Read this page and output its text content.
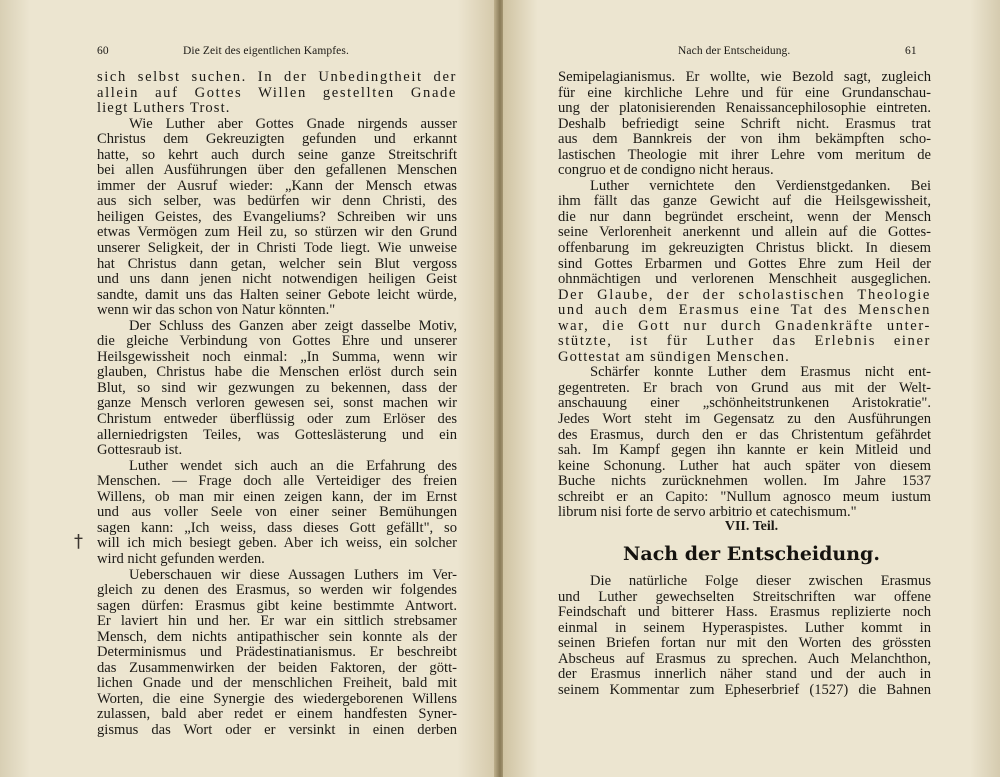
60	Die Zeit des eigentlichen Kampfes.
sich selbst suchen. In der Unbedingtheit der
allein auf Gottes Willen gestellten Gnade
liegt Luthers Trost.
Wie Luther aber Gottes Gnade nirgends ausser
Christus dem Gekreuzigten gefunden und erkannt
hatte, so kehrt auch durch seine ganze Streitschrift
bei allen Ausführungen über den gefallenen Menschen
immer der Ausruf wieder: „Kann der Mensch etwas
aus sich selber, was bedürfen wir denn Christi, des
heiligen Geistes, des Evangeliums? Schreiben wir uns
etwas Vermögen zum Heil zu, so stürzen wir den Grund
unserer Seligkeit, der in Christi Tode liegt. Wie unweise
hat Christus dann getan, welcher sein Blut vergoss
und uns dann jenen nicht notwendigen heiligen Geist
sandte, damit uns das Halten seiner Gebote leicht würde,
wenn wir das schon von Natur könnten."
Der Schluss des Ganzen aber zeigt dasselbe Motiv,
die gleiche Verbindung von Gottes Ehre und unserer
Heilsgewissheit noch einmal: „In Summa, wenn wir
glauben, Christus habe die Menschen erlöst durch sein
Blut, so sind wir gezwungen zu bekennen, dass der
ganze Mensch verloren gewesen sei, sonst machen wir
Christum entweder überflüssig oder zum Erlöser des
allerniedrigsten Teiles, was Gotteslästerung und ein
Gottesraub ist.
Luther wendet sich auch an die Erfahrung des
Menschen. — Frage doch alle Verteidiger des freien
Willens, ob man mir einen zeigen kann, der im Ernst
und aus voller Seele von einer seiner Bemühungen
sagen kann: „Ich weiss, dass dieses Gott gefällt", so
will ich mich besiegt geben. Aber ich weiss, ein solcher
wird nicht gefunden werden.
Ueberschauen wir diese Aussagen Luthers im Ver-
gleich zu denen des Erasmus, so werden wir folgendes
sagen dürfen: Erasmus gibt keine bestimmte Antwort.
Er laviert hin und her. Er war ein sittlich strebsamer
Mensch, dem nichts antipathischer sein konnte als der
Determinismus und Prädestinatianismus. Er beschreibt
das Zusammenwirken der beiden Faktoren, der gött-
lichen Gnade und der menschlichen Freiheit, bald mit
Worten, die eine Synergie des wiedergeborenen Willens
zulassen, bald aber redet er einem handfesten Syner-
gismus das Wort oder er versinkt in einen derben
†
Nach der Entscheidung.	61
Semipelagianismus. Er wollte, wie Bezold sagt, zugleich
für eine kirchliche Lehre und für eine Grundanschau-
ung der platonisierenden Renaissancephilosophie eintreten.
Deshalb befriedigt seine Schrift nicht. Erasmus trat
aus dem Bannkreis der von ihm bekämpften scho-
lastischen Theologie mit ihrer Lehre vom meritum de
congruo et de condigno nicht heraus.
Luther vernichtete den Verdienstgedanken. Bei
ihm fällt das ganze Gewicht auf die Heilsgewissheit,
die nur dann begründet erscheint, wenn der Mensch
seine Verlorenheit anerkennt und allein auf die Gottes-
offenbarung im gekreuzigten Christus blickt. In diesem
sind Gottes Erbarmen und Gottes Ehre zum Heil der
ohnmächtigen und verlorenen Menschheit ausgeglichen.
Der Glaube, der der scholastischen Theologie
und auch dem Erasmus eine Tat des Menschen
war, die Gott nur durch Gnadenkräfte unter-
stützte, ist für Luther das Erlebnis einer
Gottestat am sündigen Menschen.
Schärfer konnte Luther dem Erasmus nicht ent-
gegentreten. Er brach von Grund aus mit der Welt-
anschauung einer „schönheitstrunkenen Aristokratie".
Jedes Wort steht im Gegensatz zu den Ausführungen
des Erasmus, durch den er das Christentum gefährdet
sah. Im Kampf gegen ihn kannte er kein Mitleid und
keine Schonung. Luther hat auch später von diesem
Buche nichts zurücknehmen wollen. Im Jahre 1537
schreibt er an Capito: "Nullum agnosco meum iustum
librum nisi forte de servo arbitrio et catechismum."
VII. Teil.
Nach der Entscheidung.
Die natürliche Folge dieser zwischen Erasmus
und Luther gewechselten Streitschriften war offene
Feindschaft und bitterer Hass. Erasmus replizierte noch
einmal in seinem Hyperaspistes. Luther kommt in
seinen Briefen fortan nur mit den Worten des grössten
Abscheus auf Erasmus zu sprechen. Auch Melanchthon,
der Erasmus innerlich näher stand und der auch in
seinem Kommentar zum Epheserbrief (1527) die Bahnen
